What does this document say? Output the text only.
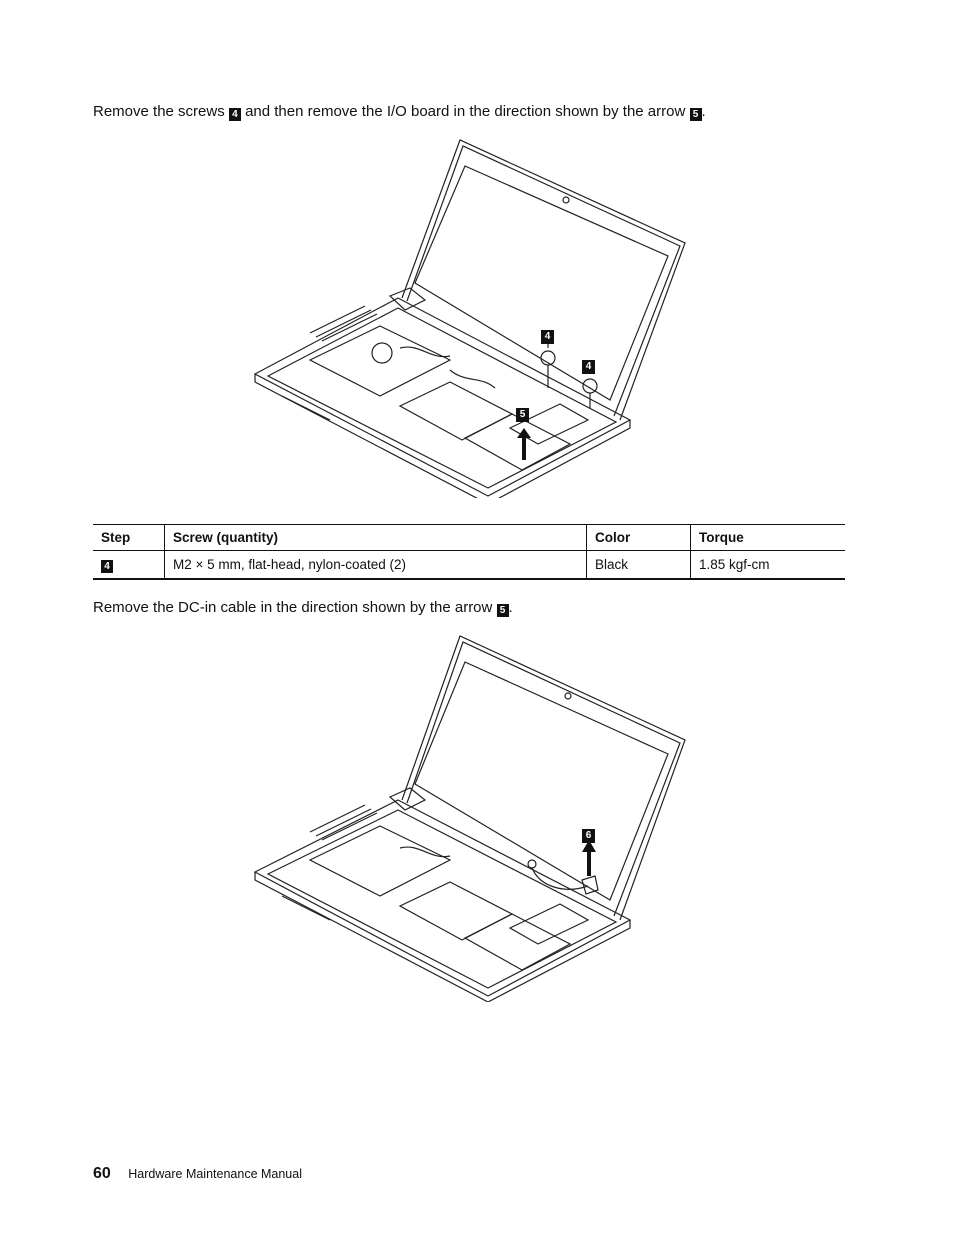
Remove the screws 4 and then remove the I/O board in the direction shown by the arrow 5 .

4
4
5
Step	Screw (quantity)	Color	Torque
4	M2 × 5 mm, flat-head, nylon-coated (2)	Black	1.85 kgf-cm

Remove the DC-in cable in the direction shown by the arrow 5 .

6
60 Hardware Maintenance Manual
